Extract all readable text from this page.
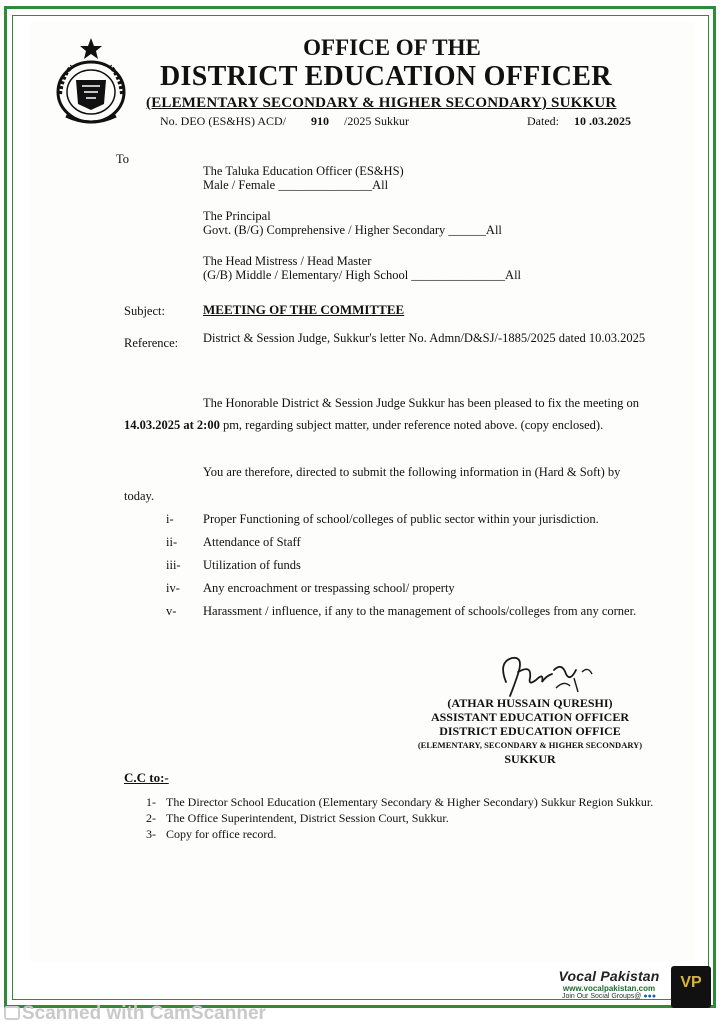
OFFICE OF THE
DISTRICT EDUCATION OFFICER
(ELEMENTARY SECONDARY & HIGHER SECONDARY) SUKKUR
No. DEO (ES&HS) ACD/ 910 /2025 Sukkur	Dated: 10 .03.2025
To
The Taluka Education Officer (ES&HS)
Male / Female _______________All
The Principal
Govt. (B/G) Comprehensive / Higher Secondary ______All
The Head Mistress / Head Master
(G/B) Middle / Elementary/ High School _______________All
Subject:	MEETING OF THE COMMITTEE
Reference: District & Session Judge, Sukkur's letter No. Admn/D&SJ/-1885/2025 dated 10.03.2025
The Honorable District & Session Judge Sukkur has been pleased to fix the meeting on
14.03.2025 at 2:00 pm, regarding subject matter, under reference noted above. (copy enclosed).
You are therefore, directed to submit the following information in (Hard & Soft) by
today.
i- Proper Functioning of school/colleges of public sector within your jurisdiction.
ii- Attendance of Staff
iii- Utilization of funds
iv- Any encroachment or trespassing school/ property
v- Harassment / influence, if any to the management of schools/colleges from any corner.
(ATHAR HUSSAIN QURESHI)
ASSISTANT EDUCATION OFFICER
DISTRICT EDUCATION OFFICE
(ELEMENTARY, SECONDARY & HIGHER SECONDARY)
SUKKUR
C.C to:-
1- The Director School Education (Elementary Secondary & Higher Secondary) Sukkur Region Sukkur.
2- The Office Superintendent, District Session Court, Sukkur.
3- Copy for office record.
Scanned with CamScanner
Vocal Pakistan
www.vocalpakistan.com
Join Our Social Groups@ ●●●
VP
